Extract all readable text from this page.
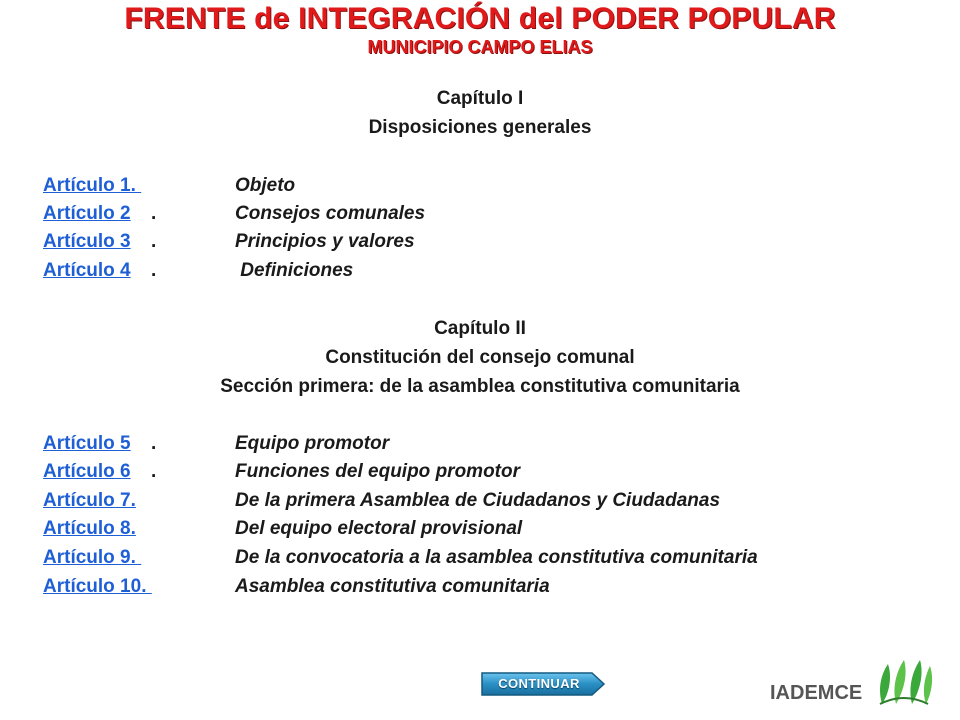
FRENTE de INTEGRACIÓN del PODER POPULAR
MUNICIPIO CAMPO ELIAS
Capítulo I
Disposiciones generales
Artículo 1.	Objeto
Artículo 2 .	Consejos comunales
Artículo 3 .	Principios y valores
Artículo 4 .	Definiciones
Capítulo II
Constitución del consejo comunal
Sección primera: de la asamblea constitutiva comunitaria
Artículo 5 .	Equipo promotor
Artículo 6 .	Funciones del equipo promotor
Artículo 7.	De la primera Asamblea de Ciudadanos y Ciudadanas
Artículo 8.	Del equipo electoral provisional
Artículo 9.	De la convocatoria a la asamblea constitutiva comunitaria
Artículo 10.	Asamblea constitutiva comunitaria
CONTINUAR	IADEMCE
